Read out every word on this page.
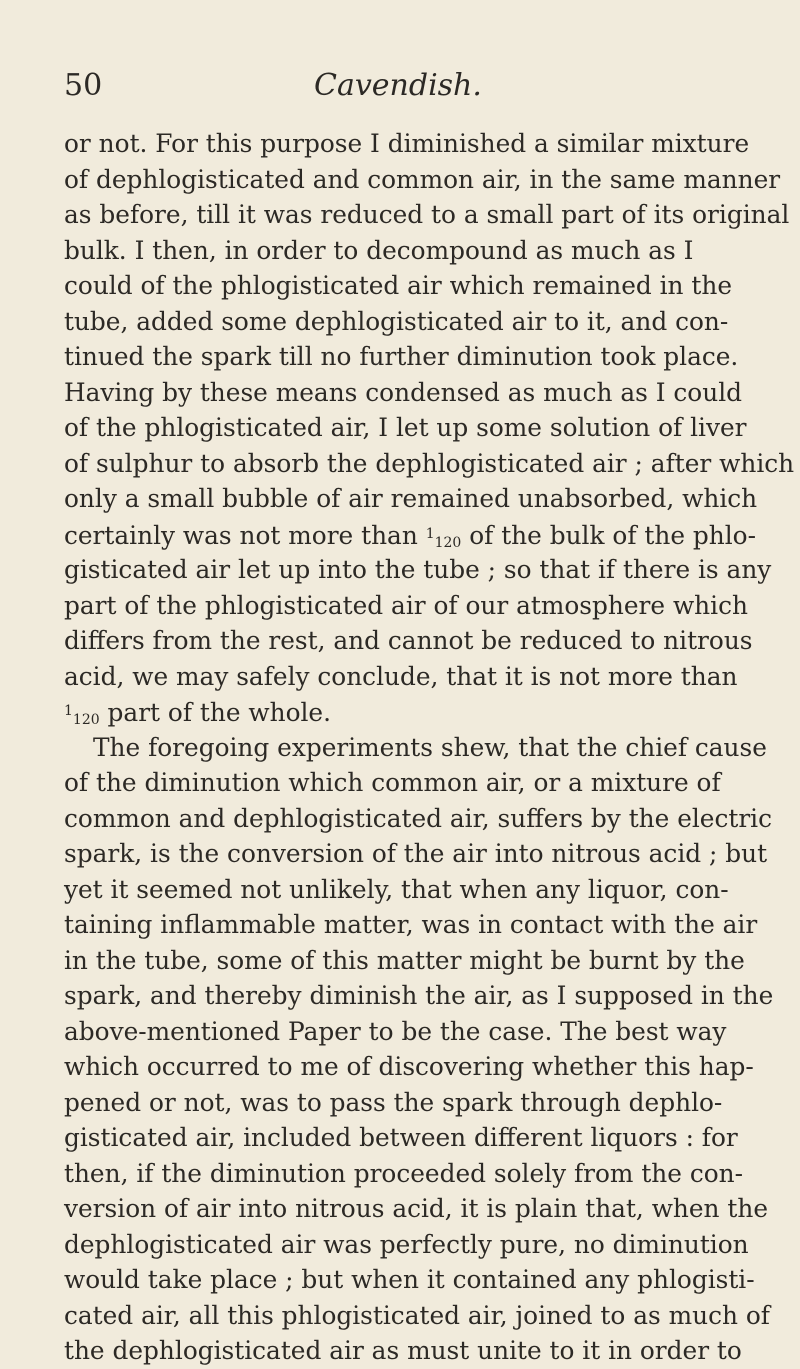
50	Cavendish.
or not. For this purpose I diminished a similar mixture
of dephlogisticated and common air, in the same manner
as before, till it was reduced to a small part of its original
bulk. I then, in order to decompound as much as I
could of the phlogisticated air which remained in the
tube, added some dephlogisticated air to it, and con-
tinued the spark till no further diminution took place.
Having by these means condensed as much as I could
of the phlogisticated air, I let up some solution of liver
of sulphur to absorb the dephlogisticated air ; after which
only a small bubble of air remained unabsorbed, which
certainly was not more than 1120 of the bulk of the phlo-
gisticated air let up into the tube ; so that if there is any
part of the phlogisticated air of our atmosphere which
differs from the rest, and cannot be reduced to nitrous
acid, we may safely conclude, that it is not more than
1120 part of the whole.
The foregoing experiments shew, that the chief cause
of the diminution which common air, or a mixture of
common and dephlogisticated air, suffers by the electric
spark, is the conversion of the air into nitrous acid ; but
yet it seemed not unlikely, that when any liquor, con-
taining inflammable matter, was in contact with the air
in the tube, some of this matter might be burnt by the
spark, and thereby diminish the air, as I supposed in the
above-mentioned Paper to be the case. The best way
which occurred to me of discovering whether this hap-
pened or not, was to pass the spark through dephlo-
gisticated air, included between different liquors : for
then, if the diminution proceeded solely from the con-
version of air into nitrous acid, it is plain that, when the
dephlogisticated air was perfectly pure, no diminution
would take place ; but when it contained any phlogisti-
cated air, all this phlogisticated air, joined to as much of
the dephlogisticated air as must unite to it in order to
